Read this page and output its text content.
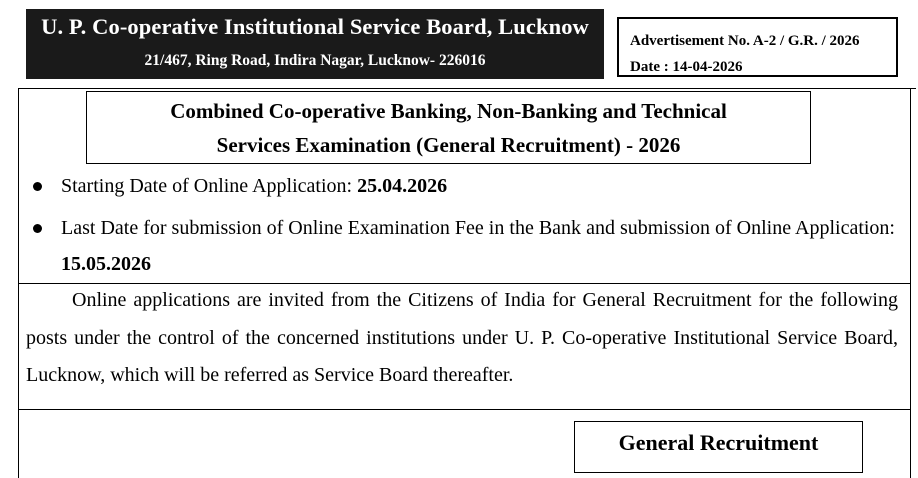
U. P. Co-operative Institutional Service Board, Lucknow
21/467, Ring Road, Indira Nagar, Lucknow- 226016
Advertisement No. A-2 / G.R. / 2026
Date : 14-04-2026
Combined Co-operative Banking, Non-Banking and Technical
Services Examination (General Recruitment) - 2026
Starting Date of Online Application: 25.04.2026
Last Date for submission of Online Examination Fee in the Bank and submission of Online Application: 15.05.2026
Online applications are invited from the Citizens of India for General Recruitment for the following posts under the control of the concerned institutions under U. P. Co-operative Institutional Service Board, Lucknow, which will be referred as Service Board thereafter.
General Recruitment
